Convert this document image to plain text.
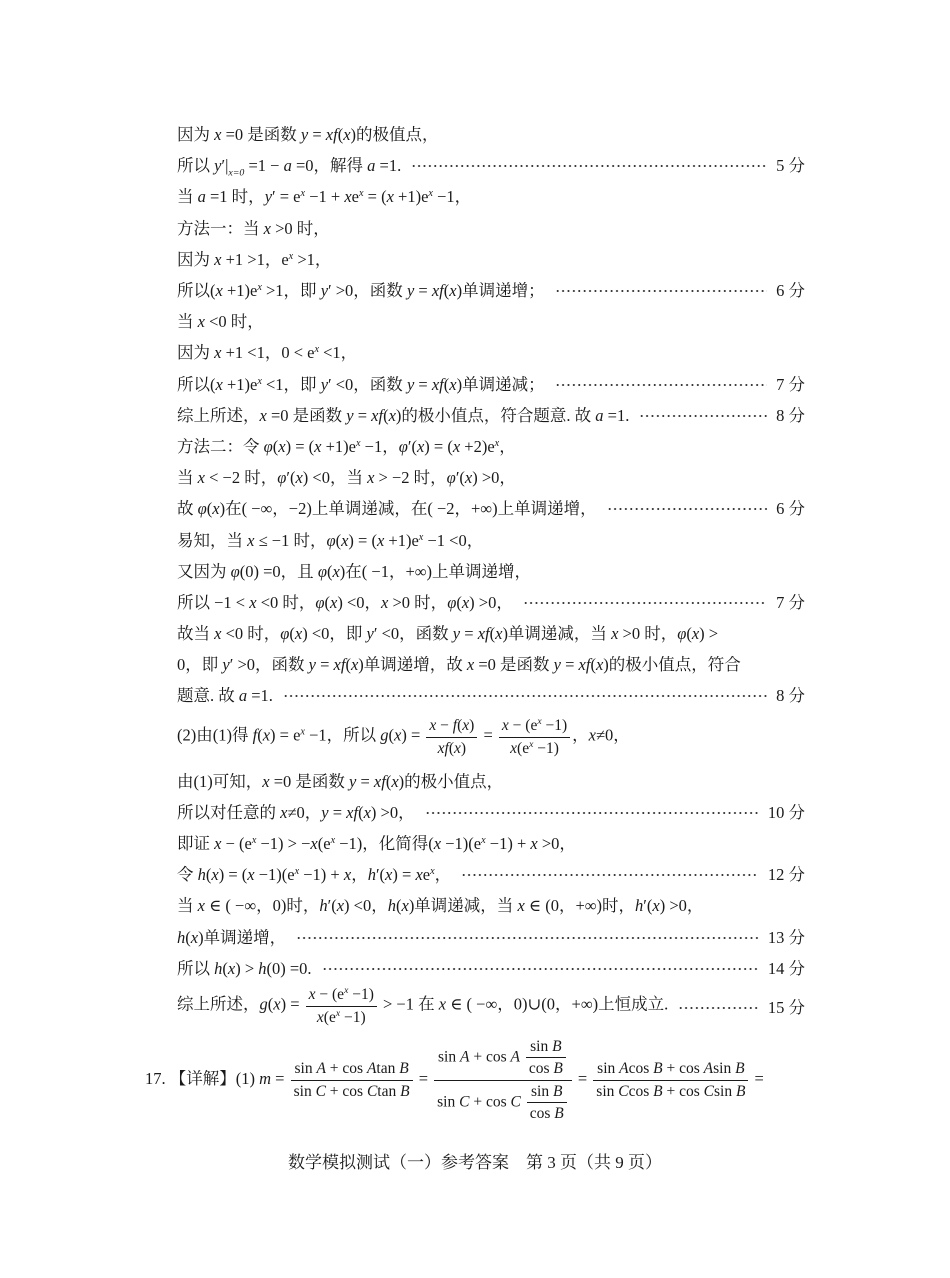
因为 x =0 是函数 y = xf(x)的极值点，
所以 $y'|_{x=0} =1 - a =0$，解得 a =1.	5 分
当 a =1 时，$y' = e^x -1 + xe^x = (x +1)e^x -1$，
方法一：当 x >0 时，
因为 x +1 >1，$e^x >1$，
所以$(x +1)e^x >1$，即 y′ >0，函数 y = xf(x)单调递增；	6 分
当 x <0 时，
因为 x +1 <1，$0 < e^x <1$，
所以$(x +1)e^x <1$，即 y′ <0，函数 y = xf(x)单调递减；	7 分
综上所述，x =0 是函数 y = xf(x)的极小值点，符合题意. 故 a =1.	8 分
方法二：令 $\varphi(x) = (x +1)e^x -1$，$\varphi'(x) = (x +2)e^x$，
当 x < −2 时，φ′(x) <0，当 x > −2 时，φ′(x) >0，
故 φ(x)在( −∞，−2)上单调递减，在( −2，+∞)上单调递增，	6 分
易知，当 x ≤ −1 时，$\varphi(x) = (x +1)e^x -1 <0$，
又因为 φ(0) =0，且 φ(x)在( −1，+∞)上单调递增，
所以 −1 < x <0 时，φ(x) <0，x >0 时，φ(x) >0，	7 分
故当 x <0 时，φ(x) <0，即 y′ <0，函数 y = xf(x)单调递减，当 x >0 时，φ(x) >
0，即 y′ >0，函数 y = xf(x)单调递增，故 x =0 是函数 y = xf(x)的极小值点，符合
题意. 故 a =1.	8 分
(2)由(1)得 $f(x) = e^x -1$，所以 $g(x) = \frac{x - f(x)}{xf(x)} = \frac{x - (e^x -1)}{x(e^x -1)}$ ，x≠0，
由(1)可知，x =0 是函数 y = xf(x)的极小值点，
所以对任意的 x≠0，y = xf(x) >0，	10 分
即证 $x - (e^x -1) > -x(e^x -1)$，化简得$(x -1)(e^x -1) + x >0$，
令 $h(x) = (x -1)(e^x -1) + x$，$h'(x) = xe^x$，	12 分
当 x ∈ ( −∞，0)时，h′(x) <0，h(x)单调递减，当 x ∈ (0，+∞)时，h′(x) >0，
h(x)单调递增，	13 分
所以 h(x) > h(0) =0.	14 分
综上所述，$g(x) = \frac{x - (e^x -1)}{x(e^x -1)} > -1$ 在 x ∈ ( −∞，0)∪(0，+∞)上恒成立.	15 分
17. 【详解】(1) $m = \frac{\text{sin A + cos Atan B}}{\text{sin C + cos Ctan B}} = \frac{\sin A + \cos A \frac{\text{sin B}}{\text{cos B}}}{\sin C + \cos C \frac{\text{sin B}}{\text{cos B}}} = \frac{\text{sin Acos B + cos Asin B}}{\text{sin Ccos B + cos Csin B}}$ =
数学模拟测试（一）参考答案　第 3 页（共 9 页）
